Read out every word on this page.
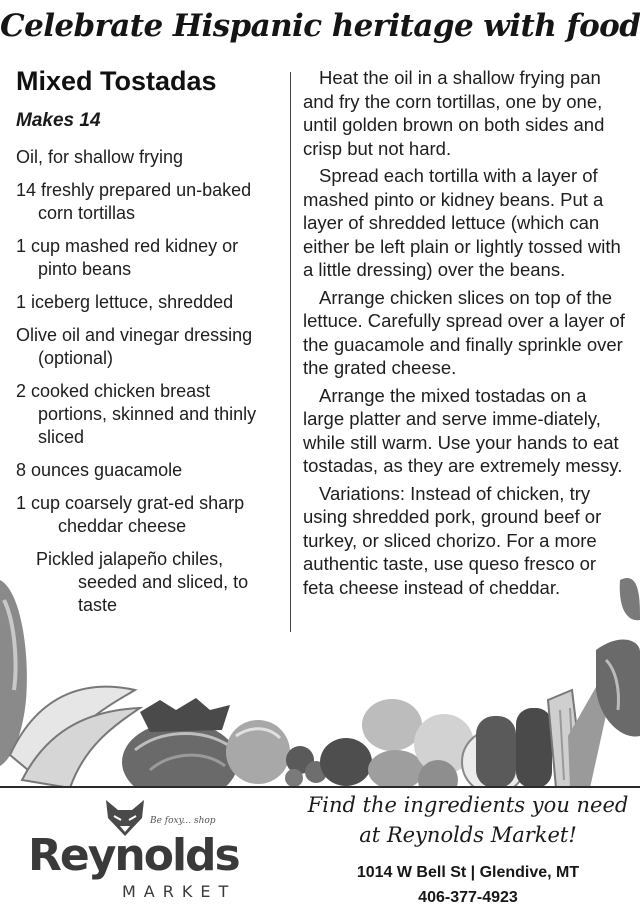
Celebrate Hispanic heritage with food
Mixed Tostadas
Makes 14

Oil, for shallow frying

14 freshly prepared un-baked corn tortillas

1 cup mashed red kidney or pinto beans

1 iceberg lettuce, shredded

Olive oil and vinegar dressing (optional)

2 cooked chicken breast portions, skinned and thinly sliced

8 ounces guacamole

1 cup coarsely grat-ed sharp cheddar cheese

Pickled jalapeño chiles, seeded and sliced, to taste

Heat the oil in a shallow frying pan and fry the corn tortillas, one by one, until golden brown on both sides and crisp but not hard.

Spread each tortilla with a layer of mashed pinto or kidney beans. Put a layer of shredded lettuce (which can either be left plain or lightly tossed with a little dressing) over the beans.

Arrange chicken slices on top of the lettuce. Carefully spread over a layer of the guacamole and finally sprinkle over the grated cheese.

Arrange the mixed tostadas on a large platter and serve imme-diately, while still warm. Use your hands to eat tostadas, as they are extremely messy.

Variations: Instead of chicken, try using shredded pork, ground beef or turkey, or sliced chorizo. For a more authentic taste, use queso fresco or feta cheese instead of cheddar.

Be foxy... shop
Reynolds
MARKET
Find the ingredients you need
at Reynolds Market!
1014 W Bell St | Glendive, MT
406-377-4923
